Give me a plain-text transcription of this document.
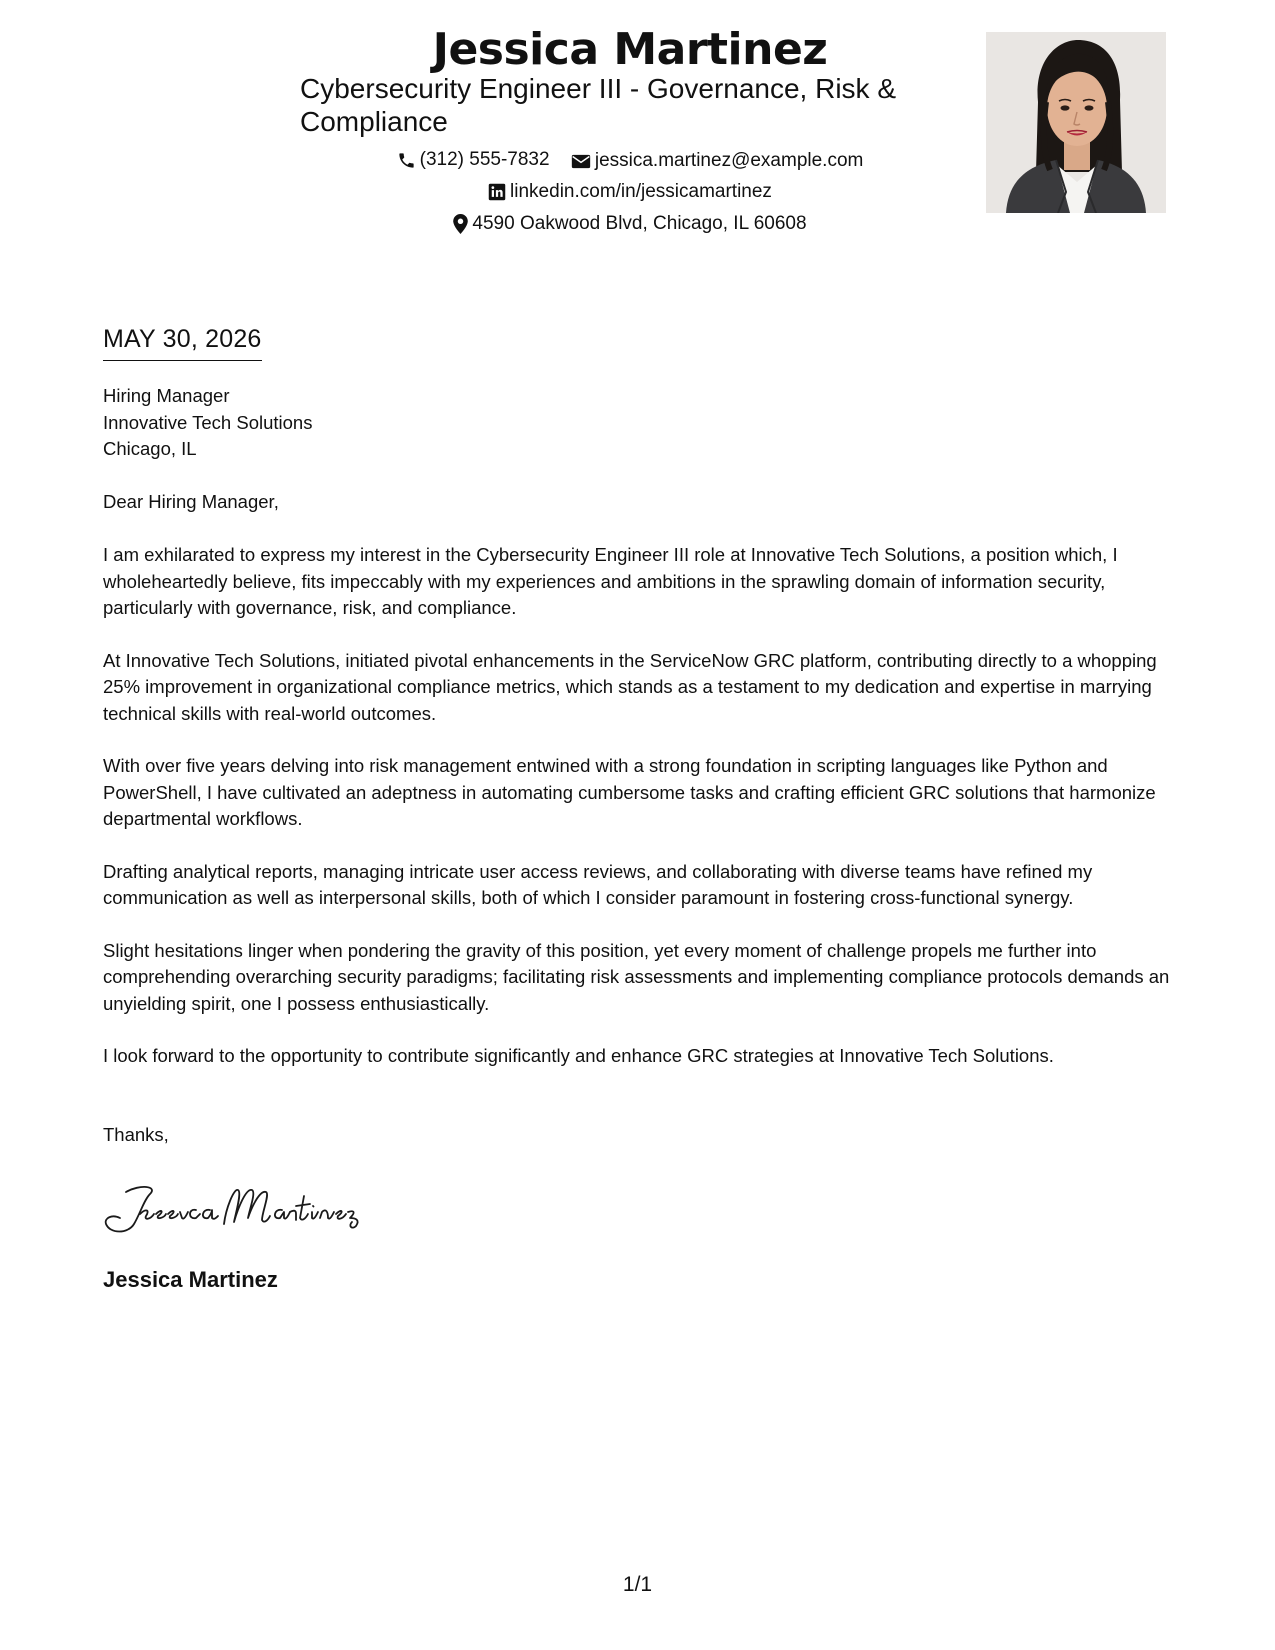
Jessica Martinez
Cybersecurity Engineer III - Governance, Risk & Compliance
(312) 555-7832
jessica.martinez@example.com
linkedin.com/in/jessicamartinez
4590 Oakwood Blvd, Chicago, IL 60608
MAY 30, 2026
Hiring Manager
Innovative Tech Solutions
Chicago, IL
Dear Hiring Manager,

I am exhilarated to express my interest in the Cybersecurity Engineer III role at Innovative Tech Solutions, a position which, I wholeheartedly believe, fits impeccably with my experiences and ambitions in the sprawling domain of information security, particularly with governance, risk, and compliance.

At Innovative Tech Solutions, initiated pivotal enhancements in the ServiceNow GRC platform, contributing directly to a whopping 25% improvement in organizational compliance metrics, which stands as a testament to my dedication and expertise in marrying technical skills with real-world outcomes.

With over five years delving into risk management entwined with a strong foundation in scripting languages like Python and PowerShell, I have cultivated an adeptness in automating cumbersome tasks and crafting efficient GRC solutions that harmonize departmental workflows.

Drafting analytical reports, managing intricate user access reviews, and collaborating with diverse teams have refined my communication as well as interpersonal skills, both of which I consider paramount in fostering cross-functional synergy.

Slight hesitations linger when pondering the gravity of this position, yet every moment of challenge propels me further into comprehending overarching security paradigms; facilitating risk assessments and implementing compliance protocols demands an unyielding spirit, one I possess enthusiastically.

I look forward to the opportunity to contribute significantly and enhance GRC strategies at Innovative Tech Solutions.

Thanks,
Jessica Martinez
1/1
